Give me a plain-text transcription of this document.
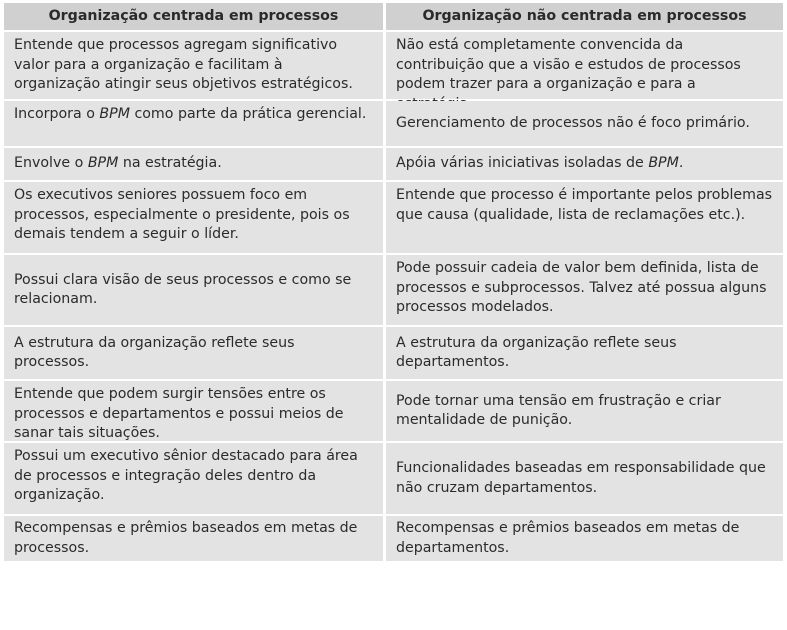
Organização centrada em processos	Organização não centrada em processos
Entende que processos agregam significativo valor para a organização e facilitam à organização atingir seus objetivos estratégicos.
Não está completamente convencida da contribuição que a visão e estudos de processos podem trazer para a organização e para a
Incorpora o BPM como parte da prática gerencial.
Gerenciamento de processos não é foco primário.
Envolve o BPM na estratégia.	Apóia várias iniciativas isoladas de BPM.
Os executivos seniores possuem foco em processos, especialmente o presidente, pois os demais tendem a seguir o líder.
Entende que processo é importante pelos problemas que causa (qualidade, lista de reclamações etc.).
Possui clara visão de seus processos e como se relacionam.
Pode possuir cadeia de valor bem definida, lista de processos e subprocessos. Talvez até possua alguns processos modelados.
A estrutura da organização reflete seus processos.
A estrutura da organização reflete seus departamentos.
Entende que podem surgir tensões entre os processos e departamentos e possui meios de sanar tais situações.
Pode tornar uma tensão em frustração e criar mentalidade de punição.
Possui um executivo sênior destacado para área de processos e integração deles dentro da organização.
Funcionalidades baseadas em responsabilidade que não cruzam departamentos.
Recompensas e prêmios baseados em metas de processos.
Recompensas e prêmios baseados em metas de departamentos.
